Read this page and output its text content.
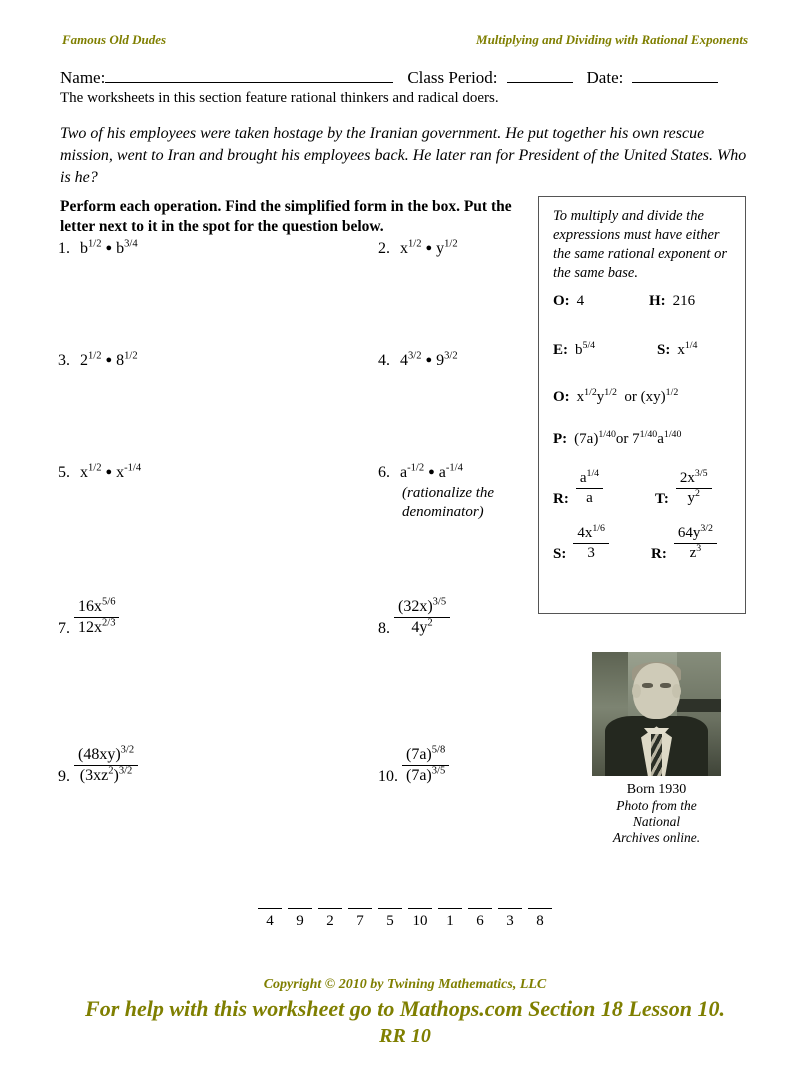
Famous Old Dudes	Multiplying and Dividing with Rational Exponents
Name:	Class Period:	Date:
The worksheets in this section feature rational thinkers and radical doers.
Two of his employees were taken hostage by the Iranian government. He put together his own rescue mission, went to Iran and brought his employees back. He later ran for President of the United States. Who is he?
Perform each operation. Find the simplified form in the box. Put the letter next to it in the spot for the question below.
1. $b^{1/2}$ ● $b^{3/4}$	2. $x^{1/2}$ ● $y^{1/2}$
3. $2^{1/2}$ ● $8^{1/2}$	4. $4^{3/2}$ ● $9^{3/2}$
5. $x^{1/2}$ ● $x^{-1/4}$	6. $a^{-1/2}$ ● $a^{-1/4}$
(rationalize the denominator)
7. $\frac{16x^{5/6}}{12x^{2/3}}$	8. $\frac{(32x)^{3/5}}{4y^2}$
9. $\frac{(48xy)^{3/2}}{(3xz^2)^{3/2}}$	10. $\frac{(7a)^{5/8}}{(7a)^{3/5}}$
To multiply and divide the expressions must have either the same rational exponent or the same base.
O: 4	H: 216
E: $b^{5/4}$	S: $x^{1/4}$
O: $x^{1/2}y^{1/2}$  or (xy)$^{1/2}$
P: $(7a)^{1/40}or$ $7^{1/40}a^{1/40}$
R: $\frac{a^{1/4}}{a}$	T: $\frac{2x^{3/5}}{y^2}$
S: $\frac{4x^{1/6}}{3}$	R: $\frac{64y^{3/2}}{z^3}$
Born 1930
Photo from the National
Archives online.
4	9	2	7	5	10	1	6	3	8
Copyright © 2010 by Twining Mathematics, LLC
For help with this worksheet go to Mathops.com Section 18 Lesson 10.
RR 10
